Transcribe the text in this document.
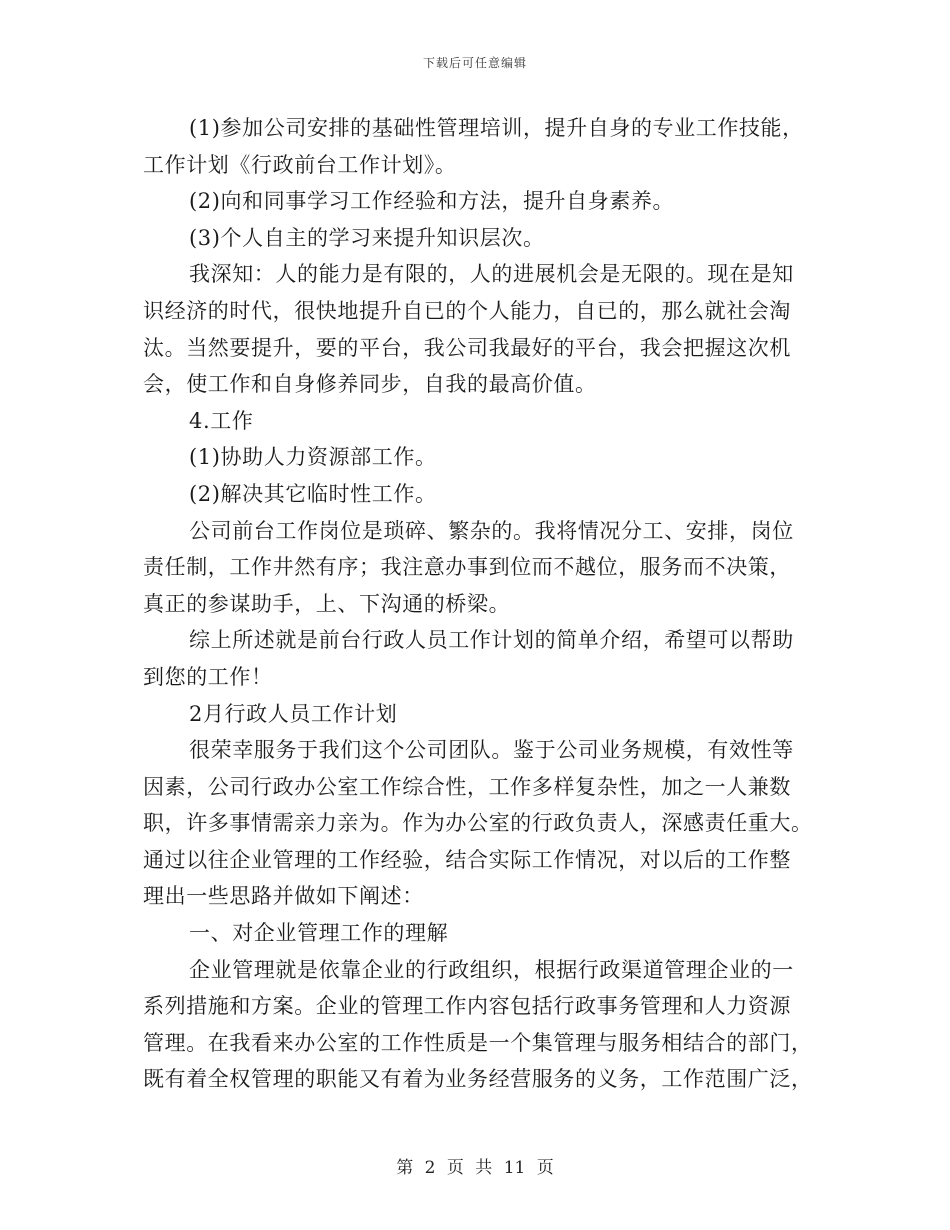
下载后可任意编辑
(1)参加公司安排的基础性管理培训，提升自身的专业工作技能，
工作计划《行政前台工作计划》。
(2)向和同事学习工作经验和方法，提升自身素养。
(3)个人自主的学习来提升知识层次。
我深知：人的能力是有限的，人的进展机会是无限的。现在是知
识经济的时代，很快地提升自已的个人能力，自已的，那么就社会淘
汰。当然要提升，要的平台，我公司我最好的平台，我会把握这次机
会，使工作和自身修养同步，自我的最高价值。
4.工作
(1)协助人力资源部工作。
(2)解决其它临时性工作。
公司前台工作岗位是琐碎、繁杂的。我将情况分工、安排，岗位
责任制，工作井然有序；我注意办事到位而不越位，服务而不决策，
真正的参谋助手，上、下沟通的桥梁。
综上所述就是前台行政人员工作计划的简单介绍，希望可以帮助
到您的工作！
2月行政人员工作计划
很荣幸服务于我们这个公司团队。鉴于公司业务规模，有效性等
因素，公司行政办公室工作综合性，工作多样复杂性，加之一人兼数
职，许多事情需亲力亲为。作为办公室的行政负责人，深感责任重大。
通过以往企业管理的工作经验，结合实际工作情况，对以后的工作整
理出一些思路并做如下阐述：
一、对企业管理工作的理解
企业管理就是依靠企业的行政组织，根据行政渠道管理企业的一
系列措施和方案。企业的管理工作内容包括行政事务管理和人力资源
管理。在我看来办公室的工作性质是一个集管理与服务相结合的部门，
既有着全权管理的职能又有着为业务经营服务的义务，工作范围广泛，
第 2 页 共 11 页
